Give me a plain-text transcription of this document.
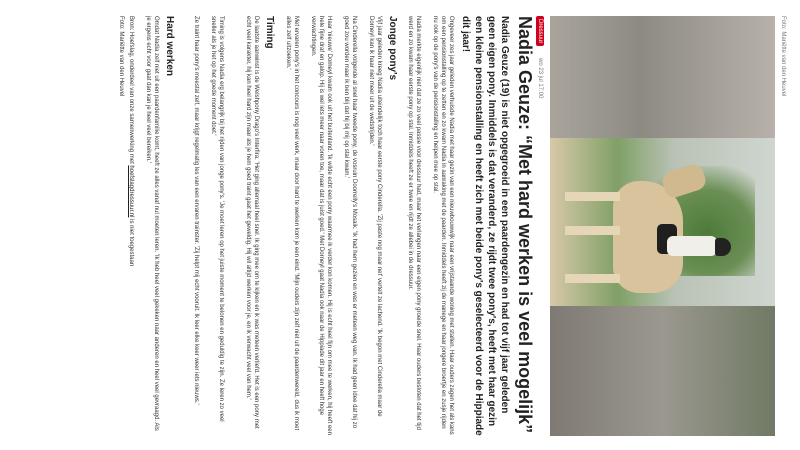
Foto: Mariëtte van den Heuvel
Dressuur
wo 23 jul 17:00
Nadia Geuze: “Met hard werken is veel mogelijk”

Nadia Geuze (19) is niet opgegroeid in een paardengezin en had tot vijf jaar geleden geen eigen pony. Inmiddels is dat veranderd, ze rijdt twee pony's, heeft met haar gezin een kleine pensionstalling en heeft zich met beide pony's geselecteerd voor de Hippiade dit jaar!

Ongeveer zes jaar geleden verhuisde Nadia met haar gezin van een nieuwbouwwijk naar een vrijstaande woning met stallen. Haar ouders zagen het als kans om een pensionstalling op te zetten en zo kwam Nadia in aanraking met de paarden. Inmiddels heeft zij de manege en haar jongere broertje en zusje rijden nu ook op de pony's van de pensionstalling en helpen mee op stal.

Nadia merkte eigenlijk niet dat ze zo veel passie voor dressuur had, maar het verlangen naar een eigen pony groeide snel. Haar ouders besloten dat het tijd werd en zo kwam haar eerste pony op stal. Inmiddels heeft ze er twee en rijdt ze allebei in de dressuur.

Jonge pony's

Vijf jaar geleden kreeg Nadia uiteindelijk toch haar eerste pony Cinderella. 'Zij paste nog maar net' vertelt ze lachend. 'Ik begon met Cinderella maar de Dorneyl kan ik haar niet meer uit de wedstrijden.'

Na Cinderella volgende al snel haar tweede pony, de vosruin Doorrelly's Mosaik. 'Ik had hem gezien en was er meteen weg van. Ik had geen idee dat hij zo goed zou worden maar ik ben blij dat hij bij mij op stal kwam.'

Haar 'nieuwe' Dorneyl kwam ook uit het buitenland. 'Ik wilde echt een pony waarmee ik verder kon komen. Hij is echt heel fijn om mee te werken, hij heeft een hele fijne draf en galop. Hij is wel iets meer naar voren toe, maar dat is juist goed.' Met Dorneyl gaat Nadia ook naar de Hippiade dit jaar en heeft hoge verwachtingen.

Met ervaren pony's in het concours is nog veel werk, maar door hard te werken kom je een eind. 'Mijn ouders zijn zelf niet uit de paardenwereld, dus ik moet alles zelf uitzoeken.'

Timing

De laatste aanwinst is de Welshpony Drago's Interfira. 'Het ging allemaal heel snel. Ik ging mee om te kijken en ik was meteen verliefd. Het is een pony met echt veel karakter, hij kan heel hard zijn maar als je hem goed traint gaat het geweldig. Hij wil altijd werken voor je, en ik verwacht veel van hem.'

Timing is volgens Nadia erg belangrijk bij het rijden van jonge pony's. 'Je moet leren op het juiste moment te belonen en geduldig te zijn. Ze leren zo veel sneller als je het op het goede moment doet.'

Ze traint haar pony's meestal zelf, maar krijgt regelmatig les van een ervaren trainster. 'Zij helpt mij echt vooruit. Ik leer elke keer weer iets nieuws.'

Hard werken

Omdat Nadia zelf niet uit een paardenfamilie komt, heeft ze alles vanaf nul moeten leren. 'Ik heb heel veel gekeken naar anderen en heel veel gevraagd. Als je ergens echt voor gaat dan kan je heel veel bereiken.'

Bron: Hoefslag, onderdeel van onze samenwerking met hoefslagdressuur.nl is niet toegestaan

Foto: Mariëtte van den Heuvel
